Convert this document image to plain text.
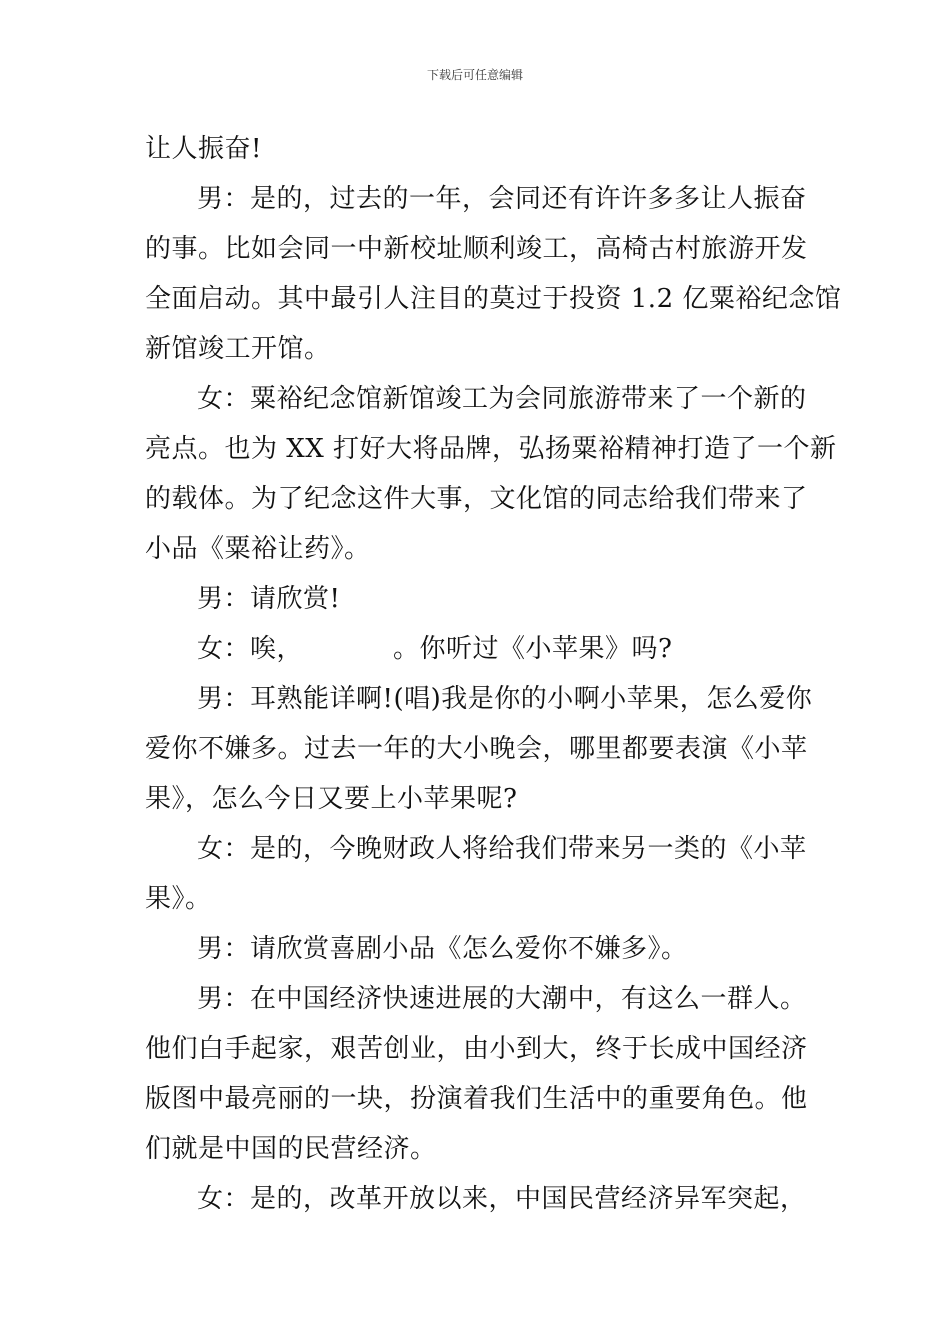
下载后可任意编辑
让人振奋!
男：是的，过去的一年，会同还有许许多多让人振奋
的事。比如会同一中新校址顺利竣工，高椅古村旅游开发
全面启动。其中最引人注目的莫过于投资 1.2 亿粟裕纪念馆
新馆竣工开馆。
女：粟裕纪念馆新馆竣工为会同旅游带来了一个新的
亮点。也为 XX 打好大将品牌，弘扬粟裕精神打造了一个新
的载体。为了纪念这件大事，文化馆的同志给我们带来了
小品《粟裕让药》。
男：请欣赏!
女：唉，	。你听过《小苹果》吗?
男：耳熟能详啊!(唱)我是你的小啊小苹果，怎么爱你
爱你不嫌多。过去一年的大小晚会，哪里都要表演《小苹
果》，怎么今日又要上小苹果呢?
女：是的，今晚财政人将给我们带来另一类的《小苹
果》。
男：请欣赏喜剧小品《怎么爱你不嫌多》。
男：在中国经济快速进展的大潮中，有这么一群人。
他们白手起家，艰苦创业，由小到大，终于长成中国经济
版图中最亮丽的一块，扮演着我们生活中的重要角色。他
们就是中国的民营经济。
女：是的，改革开放以来，中国民营经济异军突起，
